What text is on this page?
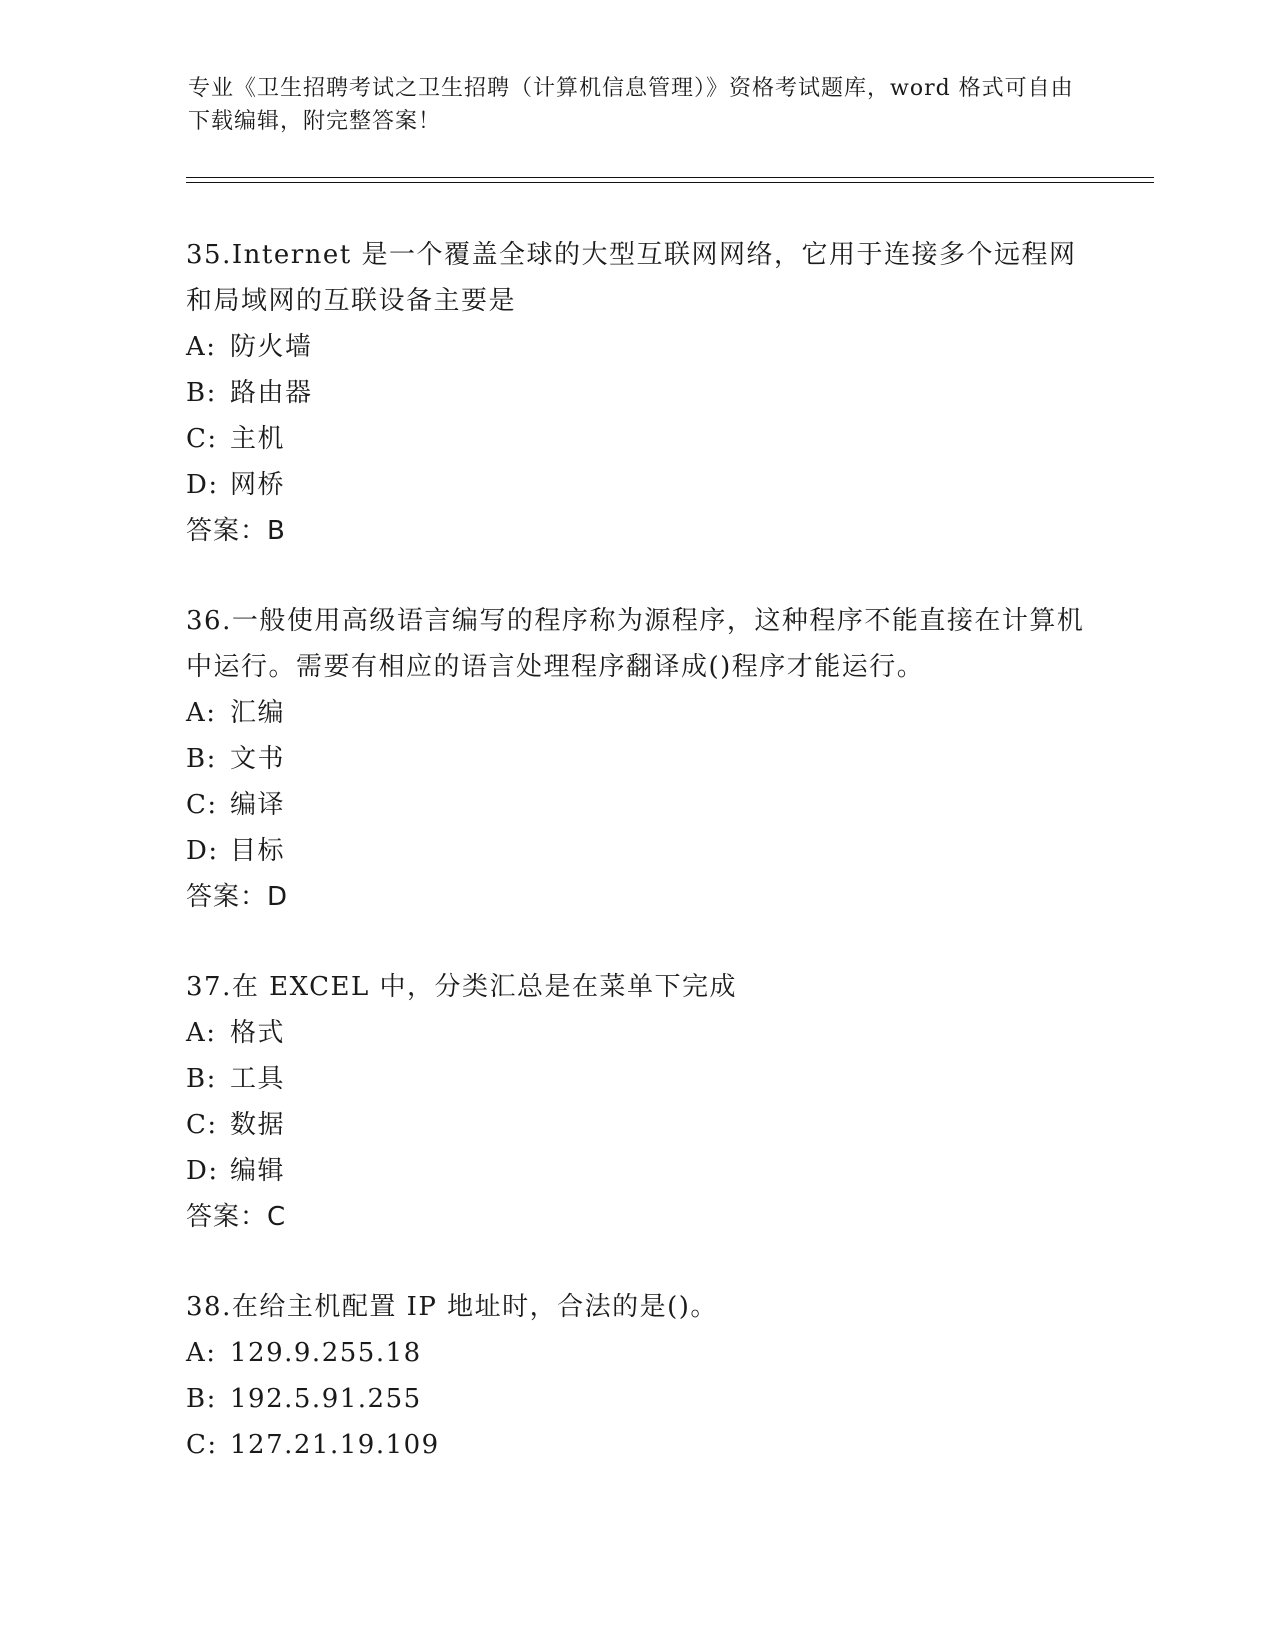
专业《卫生招聘考试之卫生招聘（计算机信息管理）》资格考试题库，word 格式可自由下载编辑，附完整答案！
35.Internet 是一个覆盖全球的大型互联网网络，它用于连接多个远程网和局域网的互联设备主要是
A: 防火墙
B: 路由器
C: 主机
D: 网桥
答案：B
36.一般使用高级语言编写的程序称为源程序，这种程序不能直接在计算机中运行。需要有相应的语言处理程序翻译成()程序才能运行。
A: 汇编
B: 文书
C: 编译
D: 目标
答案：D
37.在 EXCEL 中，分类汇总是在菜单下完成
A: 格式
B: 工具
C: 数据
D: 编辑
答案：C
38.在给主机配置 IP 地址时，合法的是()。
A: 129.9.255.18
B: 192.5.91.255
C: 127.21.19.109
